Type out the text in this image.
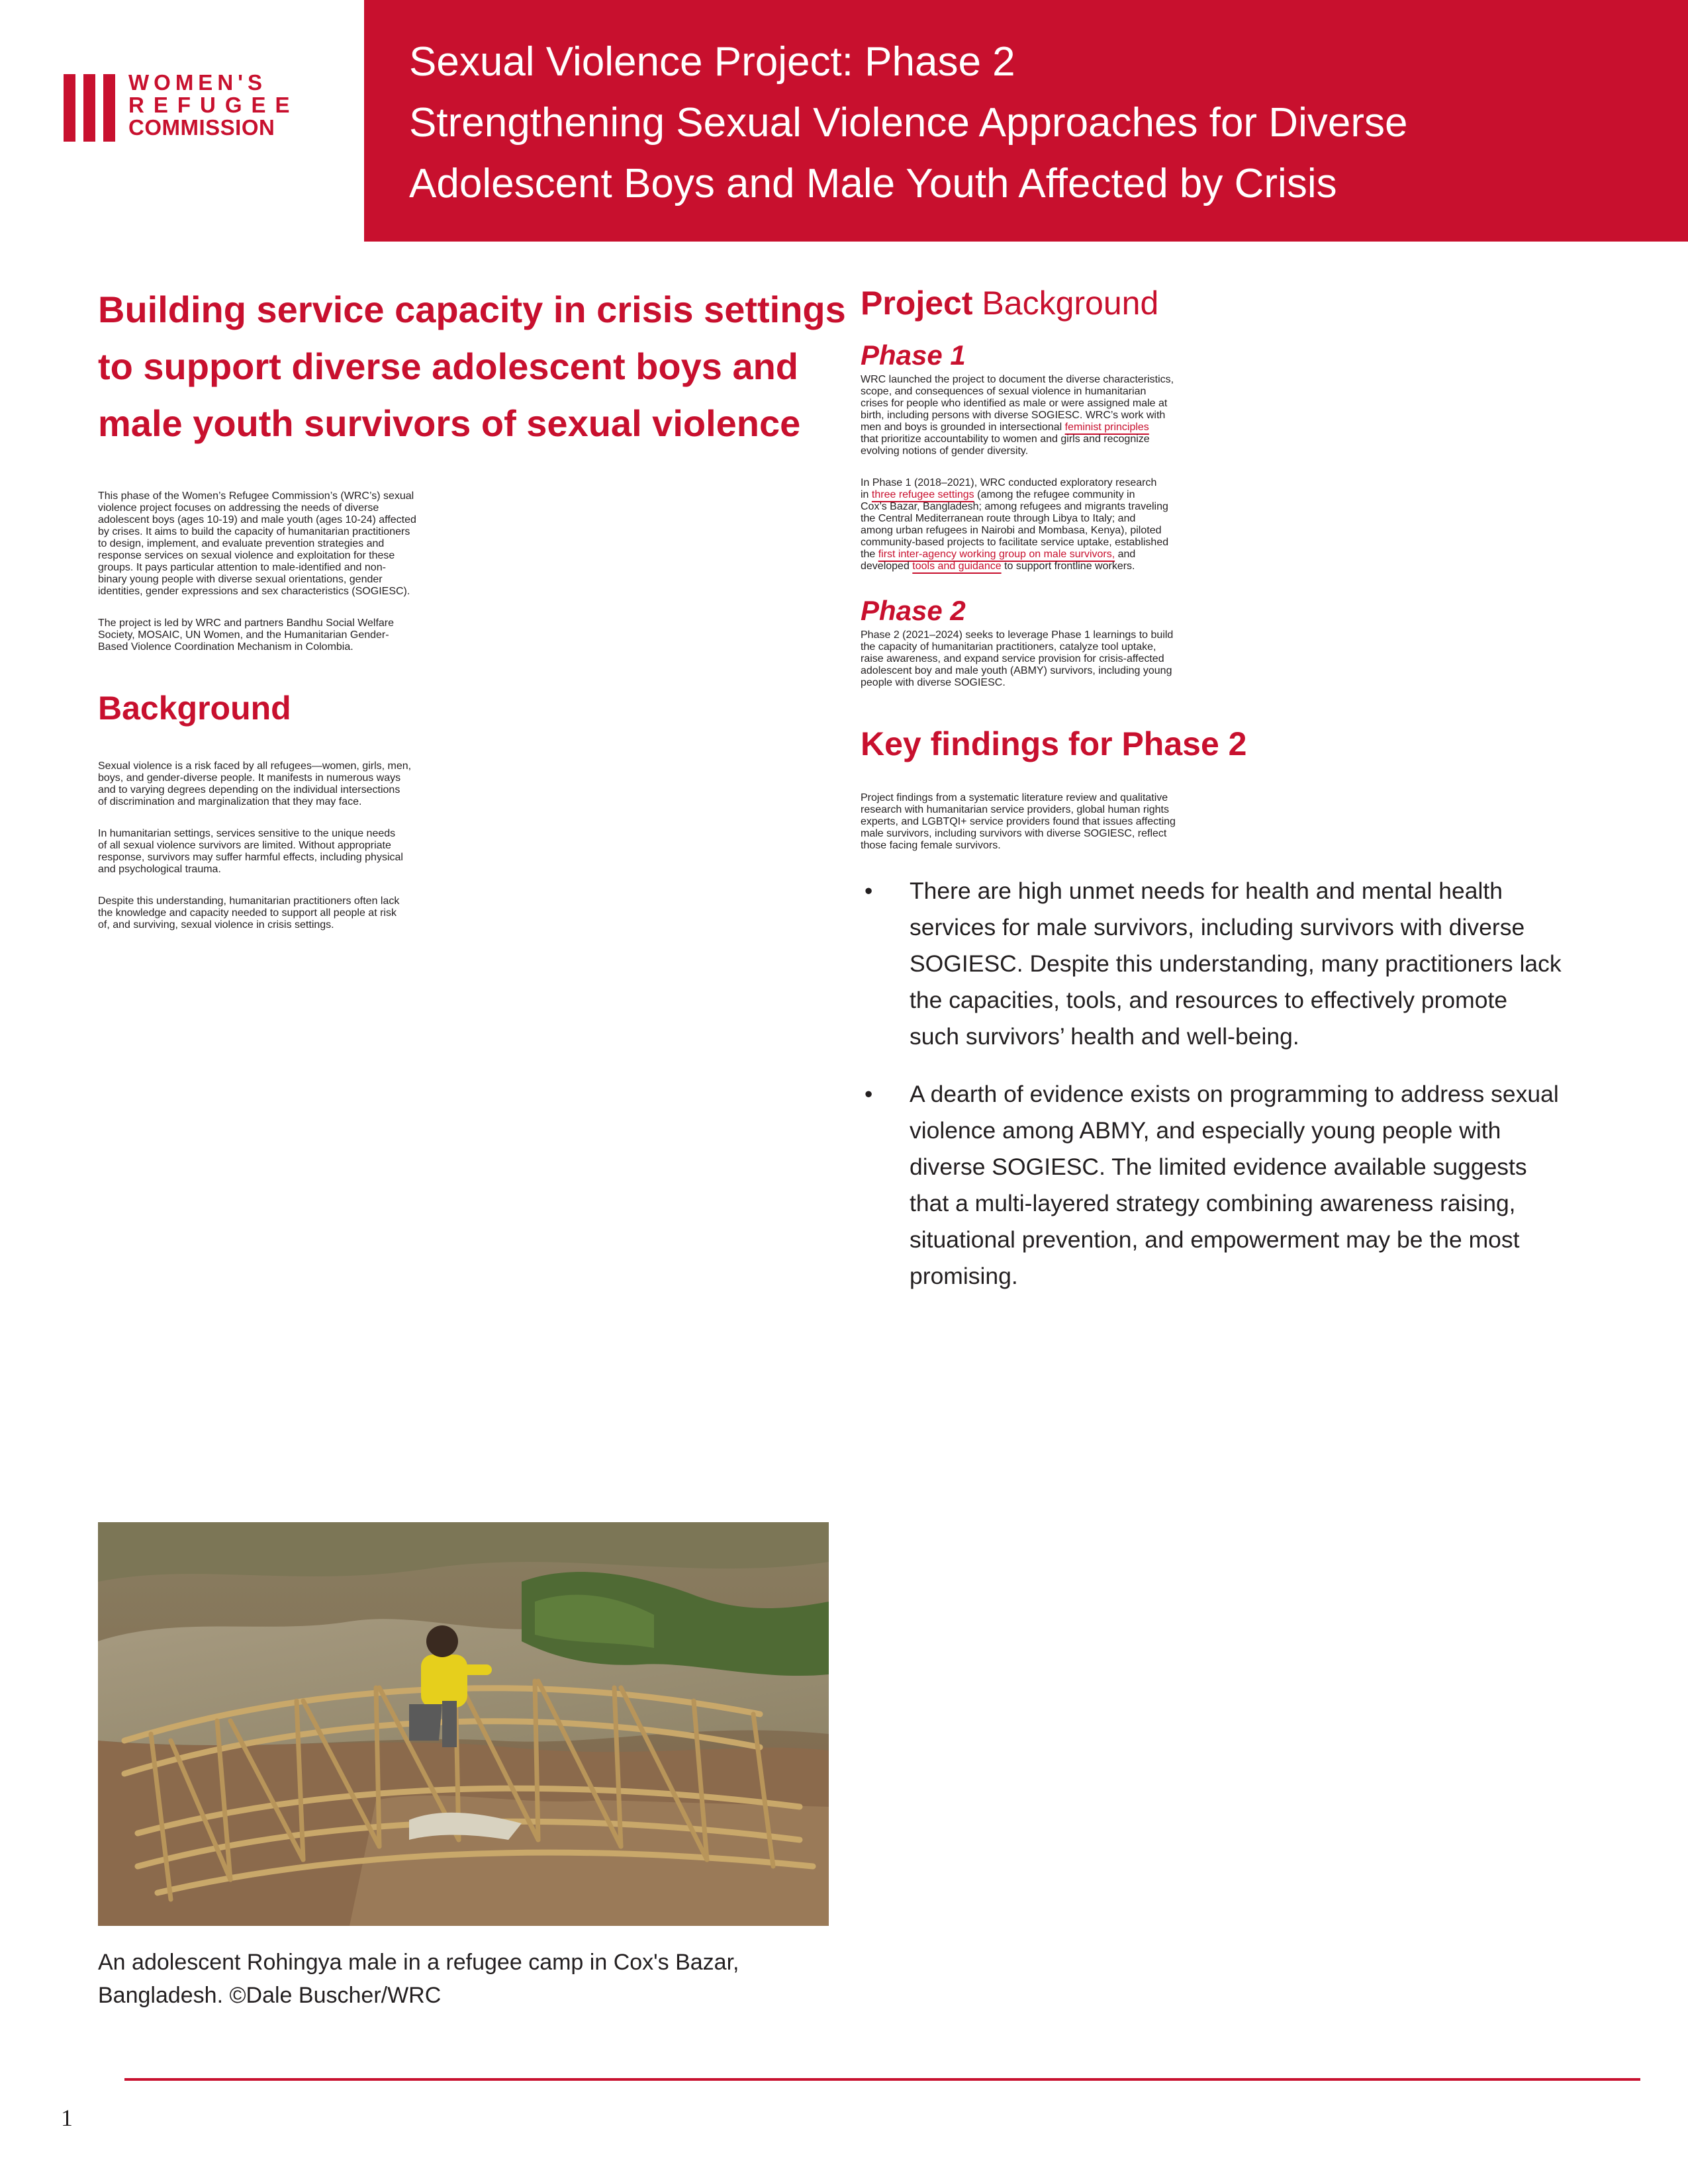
WOMEN'S
REFUGEE
COMMISSION
Sexual Violence Project: Phase 2
Strengthening Sexual Violence Approaches for Diverse
Adolescent Boys and Male Youth Affected by Crisis
Building service capacity in crisis settings
to support diverse adolescent boys and
male youth survivors of sexual violence

This phase of the Women’s Refugee Commission’s (WRC’s) sexual
violence project focuses on addressing the needs of diverse
adolescent boys (ages 10-19) and male youth (ages 10-24) affected
by crises. It aims to build the capacity of humanitarian practitioners
to design, implement, and evaluate prevention strategies and
response services on sexual violence and exploitation for these
groups. It pays particular attention to male-identified and non-
binary young people with diverse sexual orientations, gender
identities, gender expressions and sex characteristics (SOGIESC).

The project is led by WRC and partners Bandhu Social Welfare
Society, MOSAIC, UN Women, and the Humanitarian Gender-
Based Violence Coordination Mechanism in Colombia.

Background

Sexual violence is a risk faced by all refugees—women, girls, men,
boys, and gender-diverse people. It manifests in numerous ways
and to varying degrees depending on the individual intersections
of discrimination and marginalization that they may face.

In humanitarian settings, services sensitive to the unique needs
of all sexual violence survivors are limited. Without appropriate
response, survivors may suffer harmful effects, including physical
and psychological trauma.

Despite this understanding, humanitarian practitioners often lack
the knowledge and capacity needed to support all people at risk
of, and surviving, sexual violence in crisis settings.

An adolescent Rohingya male in a refugee camp in Cox's Bazar,
Bangladesh. ©Dale Buscher/WRC
Project Background
Phase 1

WRC launched the project to document the diverse characteristics,
scope, and consequences of sexual violence in humanitarian
crises for people who identified as male or were assigned male at
birth, including persons with diverse SOGIESC. WRC’s work with
men and boys is grounded in intersectional feminist principles
that prioritize accountability to women and girls and recognize
evolving notions of gender diversity.

In Phase 1 (2018–2021), WRC conducted exploratory research
in three refugee settings (among the refugee community in
Cox’s Bazar, Bangladesh; among refugees and migrants traveling
the Central Mediterranean route through Libya to Italy; and
among urban refugees in Nairobi and Mombasa, Kenya), piloted
community-based projects to facilitate service uptake, established
the first inter-agency working group on male survivors, and
developed tools and guidance to support frontline workers.

Phase 2

Phase 2 (2021–2024) seeks to leverage Phase 1 learnings to build
the capacity of humanitarian practitioners, catalyze tool uptake,
raise awareness, and expand service provision for crisis-affected
adolescent boy and male youth (ABMY) survivors, including young
people with diverse SOGIESC.

Key findings for Phase 2

Project findings from a systematic literature review and qualitative
research with humanitarian service providers, global human rights
experts, and LGBTQI+ service providers found that issues affecting
male survivors, including survivors with diverse SOGIESC, reflect
those facing female survivors.

• There are high unmet needs for health and mental health
services for male survivors, including survivors with diverse
SOGIESC. Despite this understanding, many practitioners lack
the capacities, tools, and resources to effectively promote
such survivors’ health and well-being.
• A dearth of evidence exists on programming to address sexual
violence among ABMY, and especially young people with
diverse SOGIESC. The limited evidence available suggests
that a multi-layered strategy combining awareness raising,
situational prevention, and empowerment may be the most
promising.
1
